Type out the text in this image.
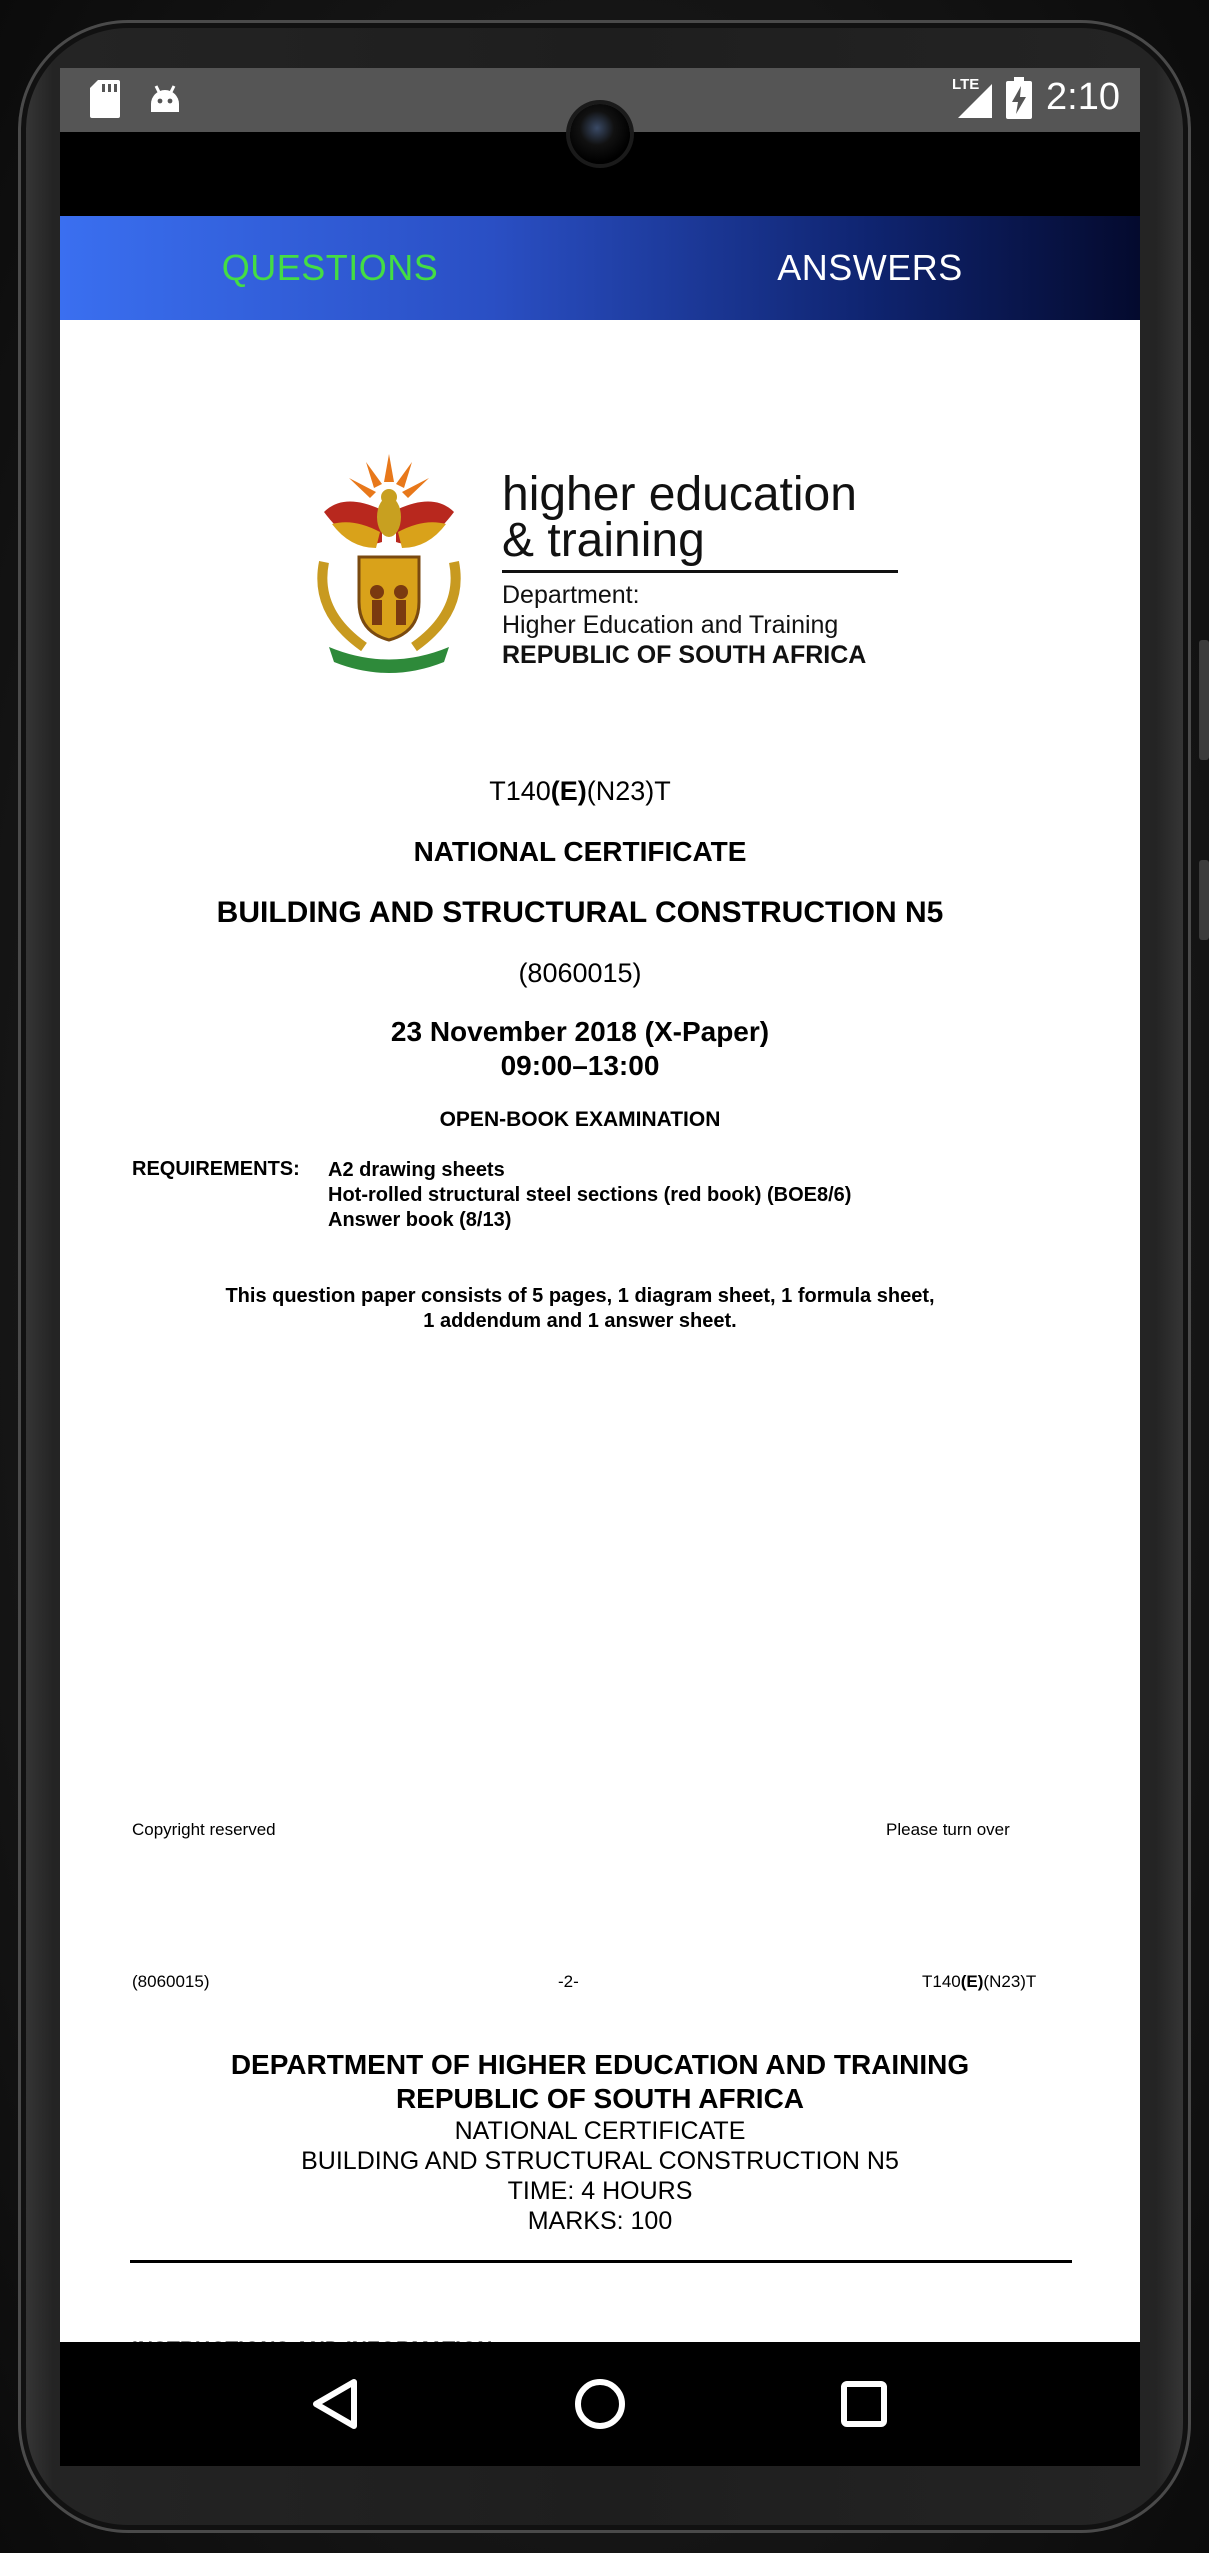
LTE 2:10
QUESTIONS	ANSWERS
higher education
& training
Department:
Higher Education and Training
REPUBLIC OF SOUTH AFRICA
T140(E)(N23)T
NATIONAL CERTIFICATE
BUILDING AND STRUCTURAL CONSTRUCTION N5
(8060015)
23 November 2018 (X-Paper)
09:00–13:00
OPEN-BOOK EXAMINATION
REQUIREMENTS: A2 drawing sheets
Hot-rolled structural steel sections (red book) (BOE8/6)
Answer book (8/13)
This question paper consists of 5 pages, 1 diagram sheet, 1 formula sheet,
1 addendum and 1 answer sheet.
Copyright reserved	Please turn over
(8060015)	-2-	T140(E)(N23)T
DEPARTMENT OF HIGHER EDUCATION AND TRAINING
REPUBLIC OF SOUTH AFRICA
NATIONAL CERTIFICATE
BUILDING AND STRUCTURAL CONSTRUCTION N5
TIME: 4 HOURS
MARKS: 100
